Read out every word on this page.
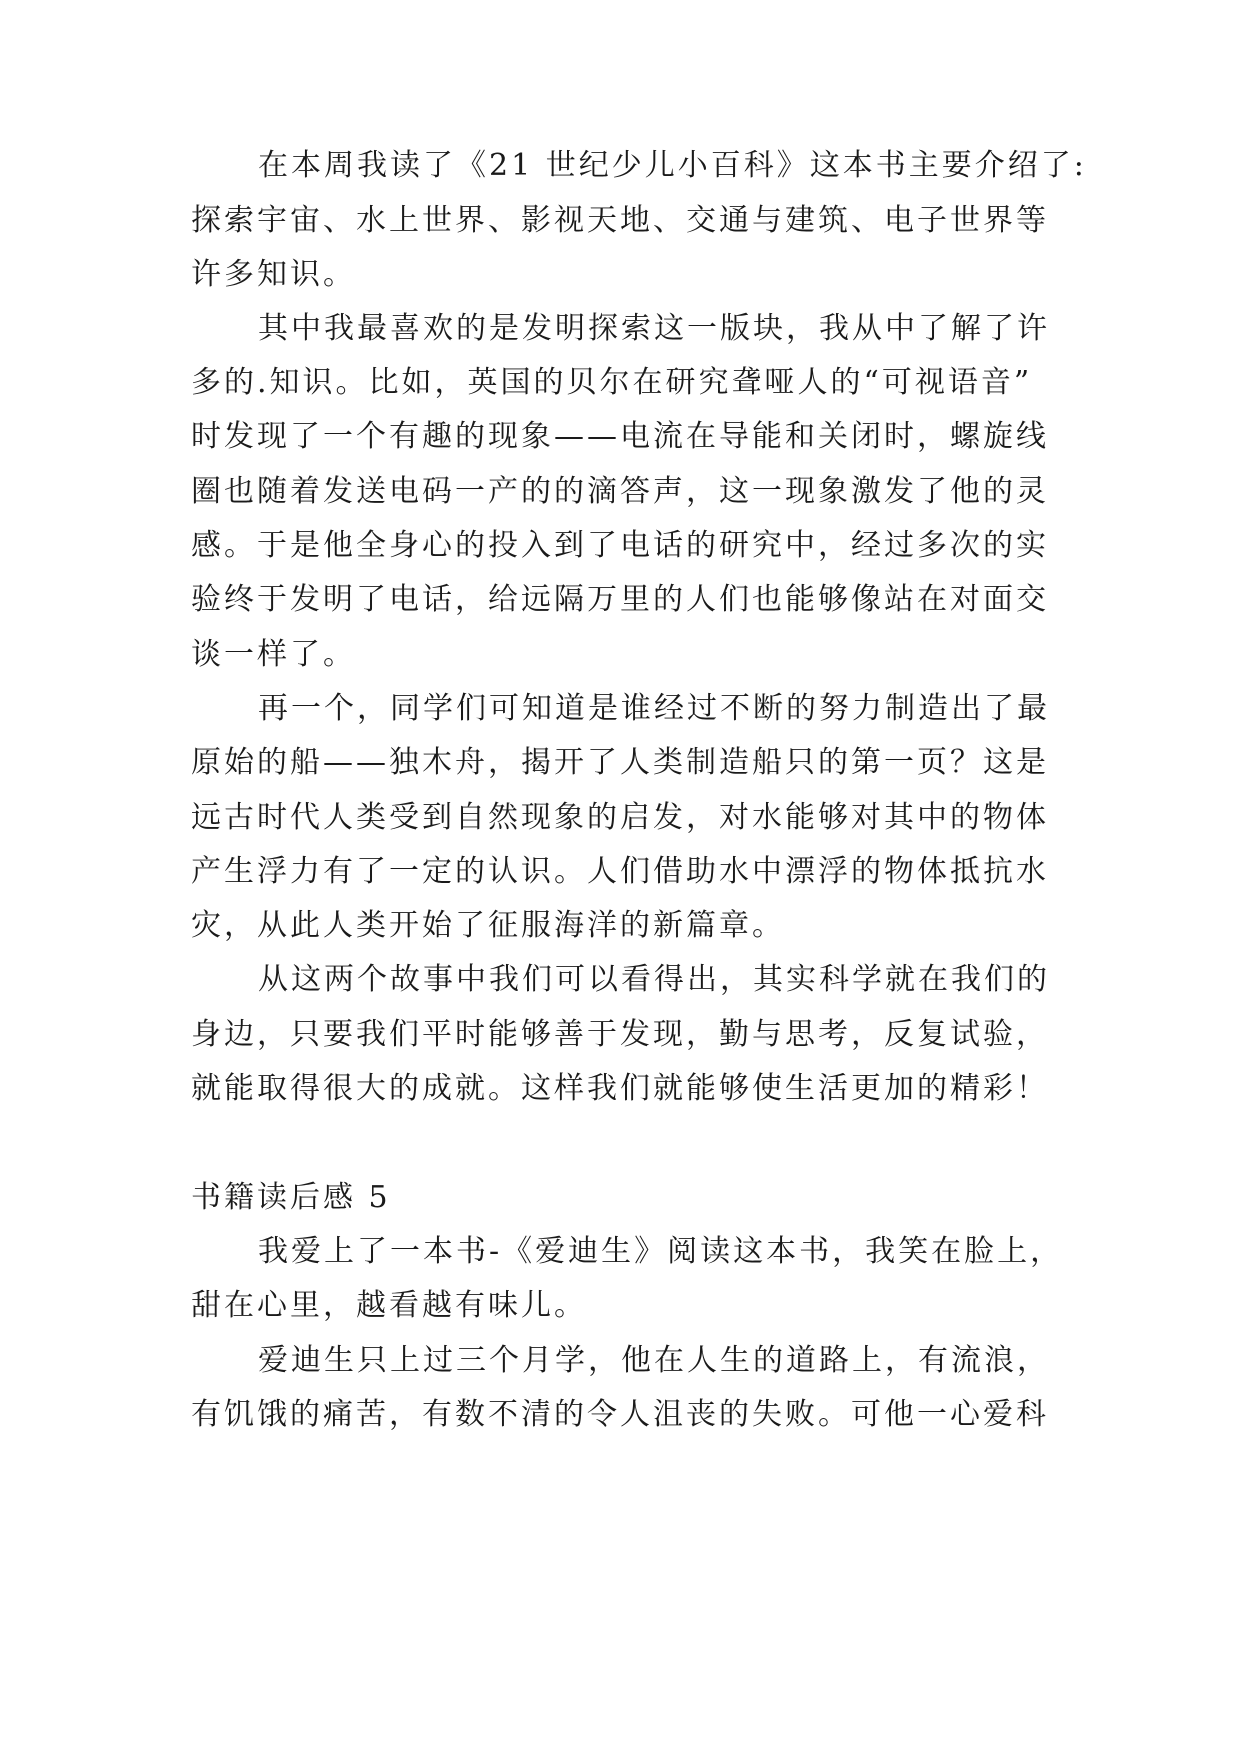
在本周我读了《21 世纪少儿小百科》这本书主要介绍了:
探索宇宙、水上世界、影视天地、交通与建筑、电子世界等
许多知识。
其中我最喜欢的是发明探索这一版块，我从中了解了许
多的.知识。比如，英国的贝尔在研究聋哑人的“可视语音”
时发现了一个有趣的现象——电流在导能和关闭时，螺旋线
圈也随着发送电码一产的的滴答声，这一现象激发了他的灵
感。于是他全身心的投入到了电话的研究中，经过多次的实
验终于发明了电话，给远隔万里的人们也能够像站在对面交
谈一样了。
再一个，同学们可知道是谁经过不断的努力制造出了最
原始的船——独木舟，揭开了人类制造船只的第一页？这是
远古时代人类受到自然现象的启发，对水能够对其中的物体
产生浮力有了一定的认识。人们借助水中漂浮的物体抵抗水
灾，从此人类开始了征服海洋的新篇章。
从这两个故事中我们可以看得出，其实科学就在我们的
身边，只要我们平时能够善于发现，勤与思考，反复试验，
就能取得很大的成就。这样我们就能够使生活更加的精彩！
书籍读后感 5
我爱上了一本书-《爱迪生》阅读这本书，我笑在脸上，
甜在心里，越看越有味儿。
爱迪生只上过三个月学，他在人生的道路上，有流浪，
有饥饿的痛苦，有数不清的令人沮丧的失败。可他一心爱科
